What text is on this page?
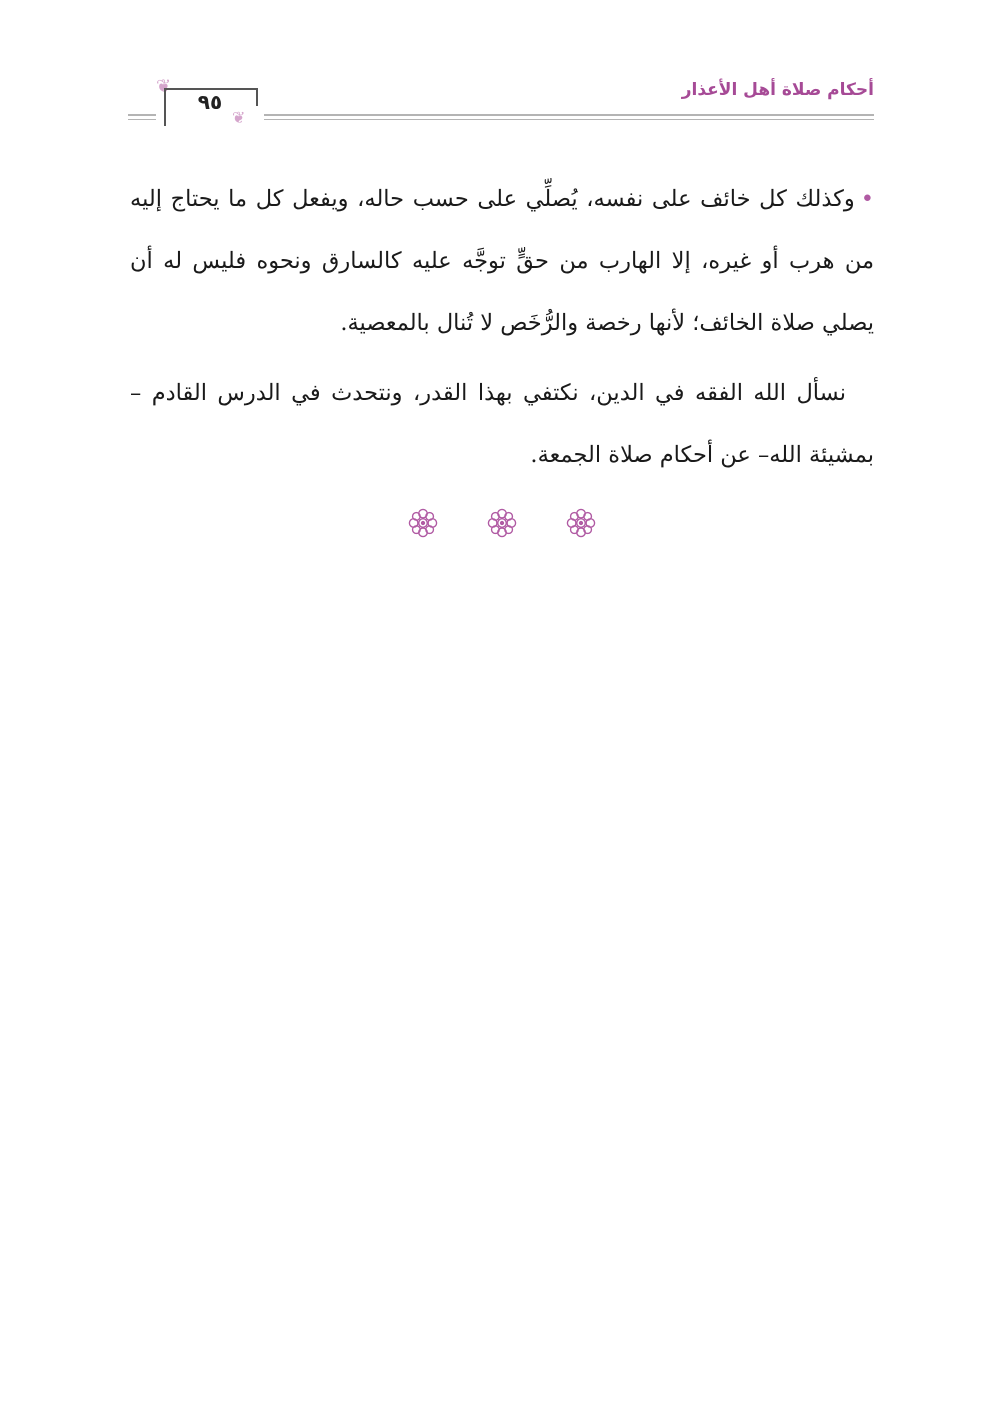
❦
٩٥
❦
أحكام صلاة أهل الأعذار

•وكذلك كل خائف على نفسه، يُصلِّي على حسب حاله، ويفعل كل ما يحتاج إليه من هرب أو غيره، إلا الهارب من حقٍّ توجَّه عليه كالسارق ونحوه فليس له أن يصلي صلاة الخائف؛ لأنها رخصة والرُّخَص لا تُنال بالمعصية.

نسأل الله الفقه في الدين، نكتفي بهذا القدر، ونتحدث في الدرس القادم – بمشيئة الله– عن أحكام صلاة الجمعة.
